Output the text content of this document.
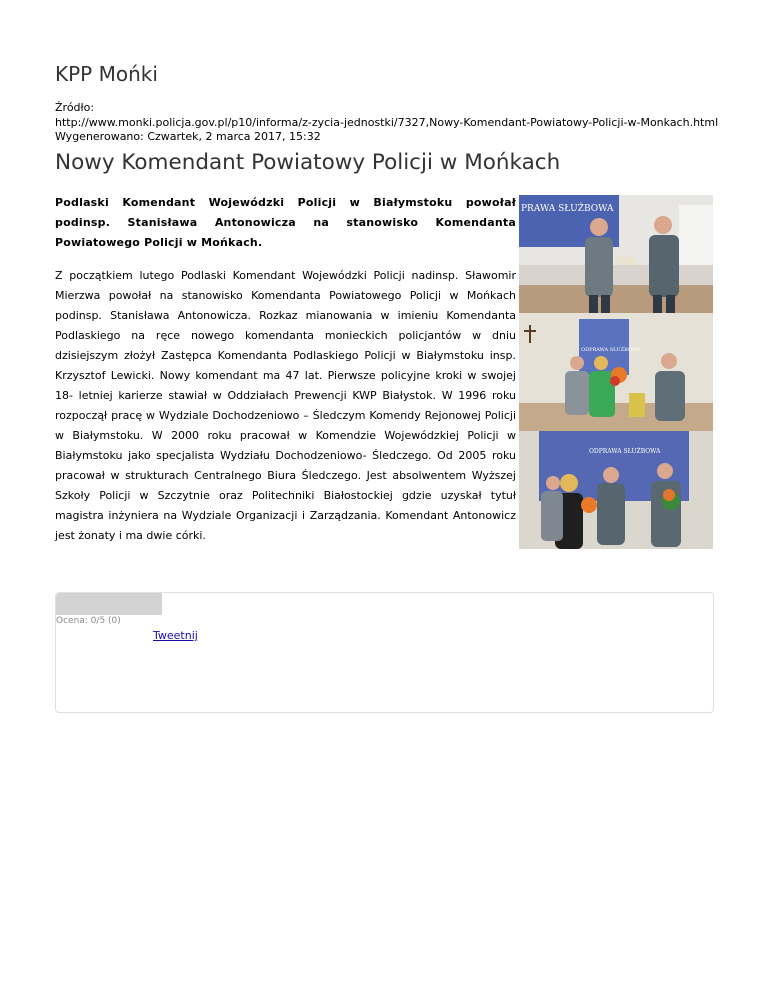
KPP Mońki
Źródło:
http://www.monki.policja.gov.pl/p10/informa/z-zycia-jednostki/7327,Nowy-Komendant-Powiatowy-Policji-w-Monkach.html
Wygenerowano: Czwartek, 2 marca 2017, 15:32
Nowy Komendant Powiatowy Policji w Mońkach

Podlaski Komendant Wojewódzki Policji w Białymstoku powołał podinsp. Stanisława Antonowicza na stanowisko Komendanta Powiatowego Policji w Mońkach.

Z początkiem lutego Podlaski Komendant Wojewódzki Policji nadinsp. Sławomir Mierzwa powołał na stanowisko Komendanta Powiatowego Policji w Mońkach podinsp. Stanisława Antonowicza. Rozkaz mianowania w imieniu Komendanta Podlaskiego na ręce nowego komendanta monieckich policjantów w dniu dzisiejszym złożył Zastępca Komendanta Podlaskiego Policji w Białymstoku insp. Krzysztof Lewicki. Nowy komendant ma 47 lat. Pierwsze policyjne kroki w swojej 18- letniej karierze stawiał w Oddziałach Prewencji KWP Białystok. W 1996 roku rozpoczął pracę w Wydziale Dochodzeniowo – Śledczym Komendy Rejonowej Policji w Białymstoku. W 2000 roku pracował w Komendzie Wojewódzkiej Policji w Białymstoku jako specjalista Wydziału Dochodzeniowo- Śledczego. Od 2005 roku pracował w strukturach Centralnego Biura Śledczego. Jest absolwentem Wyższej Szkoły Policji w Szczytnie oraz Politechniki Białostockiej gdzie uzyskał tytuł magistra inżyniera na Wydziale Organizacji i Zarządzania. Komendant Antonowicz jest żonaty i ma dwie córki.

PRAWA SŁUŻBOWA
ODPRAWA SŁUŻBOWA
ODPRAWA SŁUŻBOWA
Ocena: 0/5 (0)
Tweetnij
